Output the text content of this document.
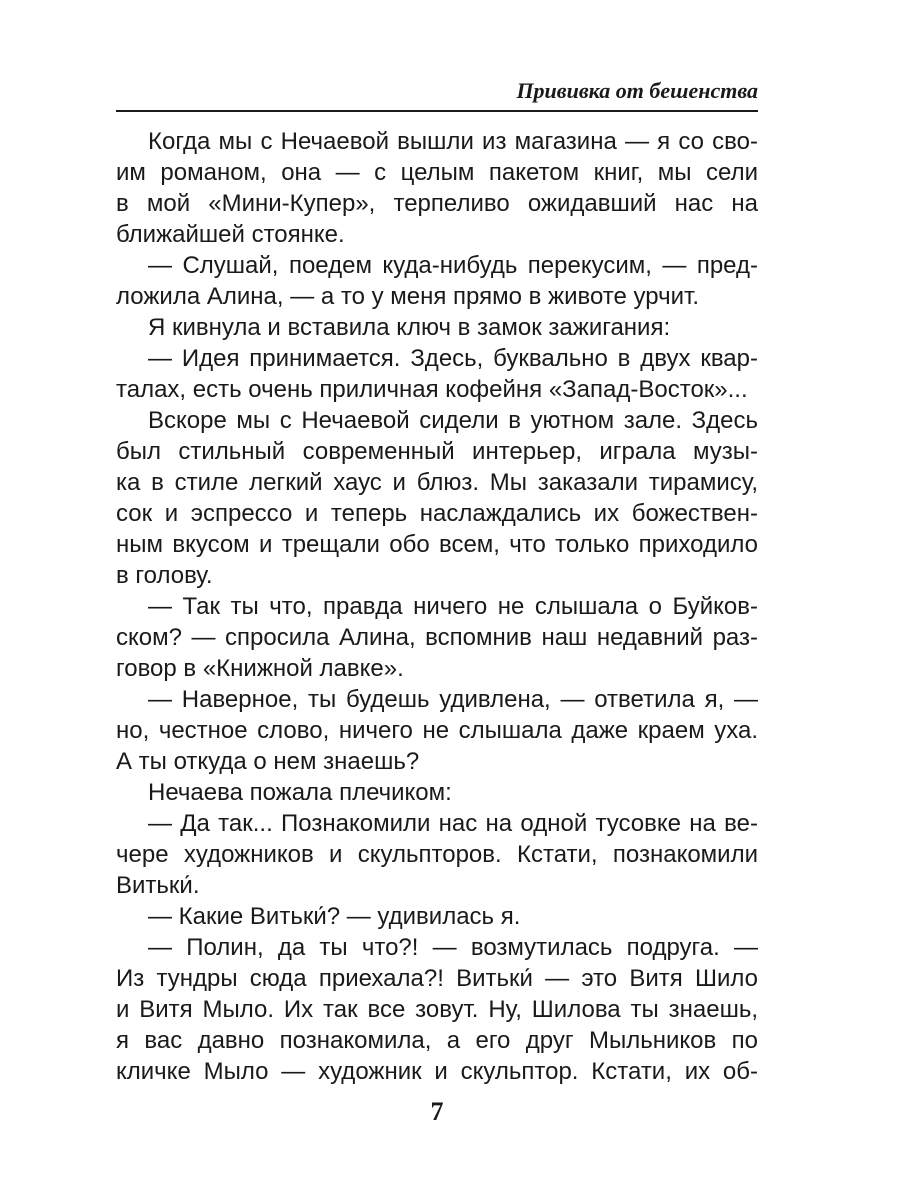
Прививка от бешенства

Когда мы с Нечаевой вышли из магазина — я со сво-
им романом, она — с целым пакетом книг, мы сели
в мой «Мини-Купер», терпеливо ожидавший нас на
ближайшей стоянке.

— Слушай, поедем куда-нибудь перекусим, — пред-
ложила Алина, — а то у меня прямо в животе урчит.

Я кивнула и вставила ключ в замок зажигания:

— Идея принимается. Здесь, буквально в двух квар-
талах, есть очень приличная кофейня «Запад-Восток»...

Вскоре мы с Нечаевой сидели в уютном зале. Здесь
был стильный современный интерьер, играла музы-
ка в стиле легкий хаус и блюз. Мы заказали тирамису,
сок и эспрессо и теперь наслаждались их божествен-
ным вкусом и трещали обо всем, что только приходило
в голову.

— Так ты что, правда ничего не слышала о Буйков-
ском? — спросила Алина, вспомнив наш недавний раз-
говор в «Книжной лавке».

— Наверное, ты будешь удивлена, — ответила я, —
но, честное слово, ничего не слышала даже краем уха.
А ты откуда о нем знаешь?

Нечаева пожала плечиком:

— Да так... Познакомили нас на одной тусовке на ве-
чере художников и скульпторов. Кстати, познакомили
Витьки́.

— Какие Витьки́? — удивилась я.

— Полин, да ты что?! — возмутилась подруга. —
Из тундры сюда приехала?! Витьки́ — это Витя Шило
и Витя Мыло. Их так все зовут. Ну, Шилова ты знаешь,
я вас давно познакомила, а его друг Мыльников по
кличке Мыло — художник и скульптор. Кстати, их об-

7
